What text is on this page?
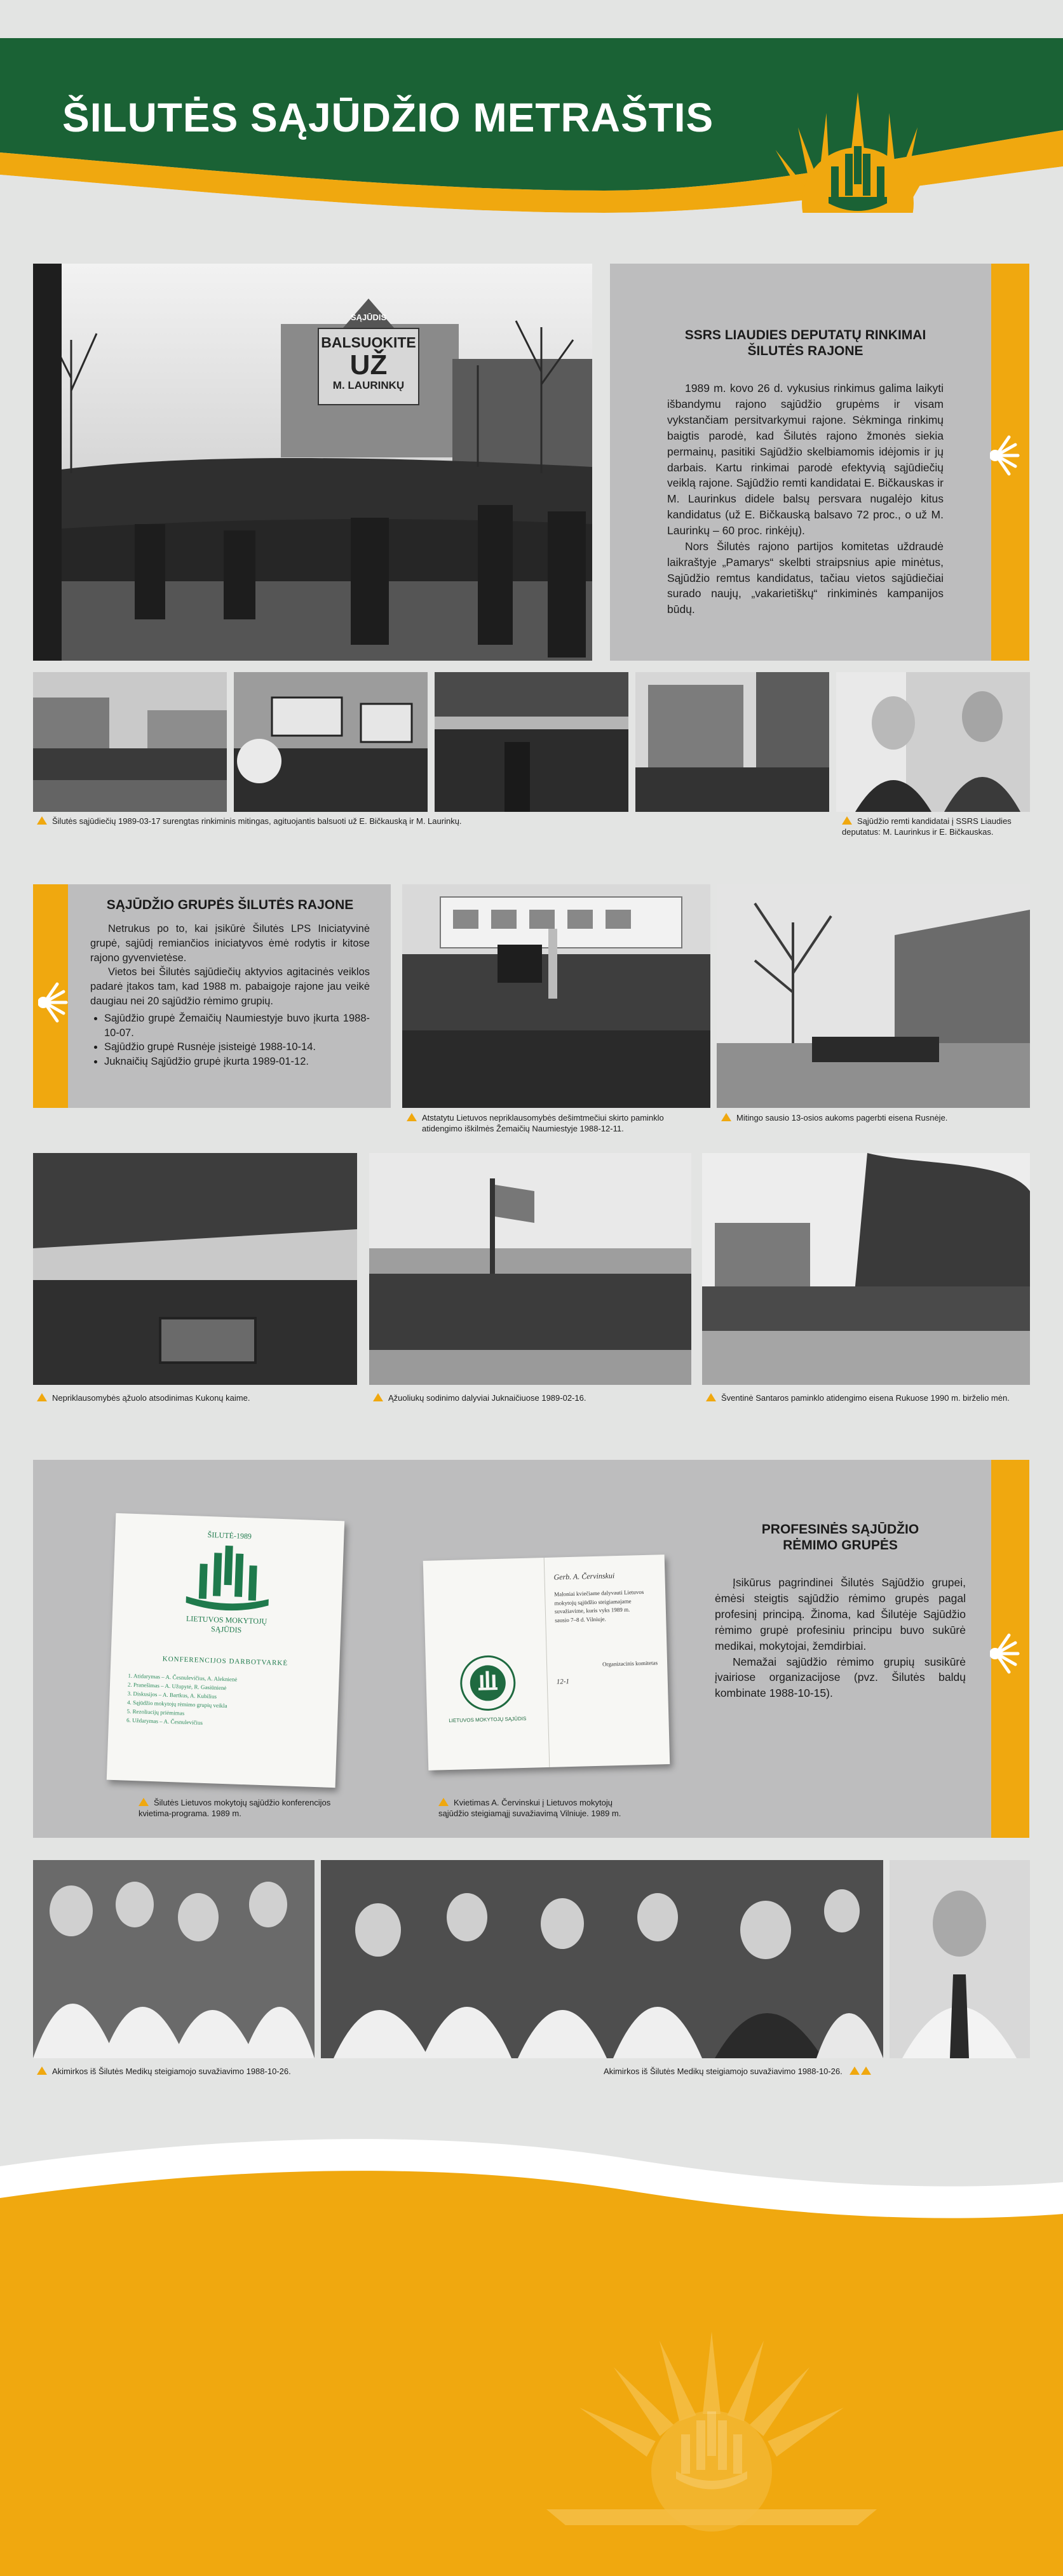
ŠILUTĖS SĄJŪDŽIO METRAŠTIS
SĄJŪDIS
BALSUOKITE
UŽ
M. LAURINKŲ

SSRS LIAUDIES DEPUTATŲ RINKIMAI

ŠILUTĖS RAJONE

1989 m. kovo 26 d. vykusius rinkimus galima laikyti išbandymu rajono sąjūdžio grupėms ir visam vykstančiam persitvarkymui rajone. Sėkminga rinkimų baigtis parodė, kad Šilutės rajono žmonės siekia permainų, pasitiki Sąjūdžio skelbiamomis idėjomis ir jų darbais. Kartu rinkimai parodė efektyvią sąjūdiečių veiklą rajone. Sąjūdžio remti kandidatai E. Bičkauskas ir M. Laurinkus didele balsų persvara nugalėjo kitus kandidatus (už E. Bičkauską balsavo 72 proc., o už M. Laurinkų – 60 proc. rinkėjų).

Nors Šilutės rajono partijos komitetas uždraudė laikraštyje „Pamarys“ skelbti straipsnius apie minėtus, Sąjūdžio remtus kandidatus, tačiau vietos sąjūdiečiai surado naujų, „vakarietiškų“ rinkiminės kampanijos būdų.

Šilutės sąjūdiečių 1989-03-17 surengtas rinkiminis mitingas, agituojantis balsuoti už E. Bičkauską ir M. Laurinkų.	Sąjūdžio remti kandidatai į SSRS Liaudies
deputatus: M. Laurinkus ir E. Bičkauskas.

SĄJŪDŽIO GRUPĖS ŠILUTĖS RAJONE

Netrukus po to, kai įsikūrė Šilutės LPS Iniciatyvinė grupė, sąjūdį remiančios iniciatyvos ėmė rodytis ir kitose rajono gyvenvietėse.

Vietos bei Šilutės sąjūdiečių aktyvios agitacinės veiklos padarė įtakos tam, kad 1988 m. pabaigoje rajone jau veikė daugiau nei 20 sąjūdžio rėmimo grupių.

• Sąjūdžio grupė Žemaičių Naumiestyje buvo įkurta 1988-10-07.
• Sąjūdžio grupė Rusnėje įsisteigė 1988-10-14.
• Juknaičių Sąjūdžio grupė įkurta 1989-01-12.
Atstatytu Lietuvos nepriklausomybės dešimtmečiui skirto paminklo
atidengimo iškilmės Žemaičių Naumiestyje 1988-12-11.
Mitingo sausio 13-osios aukoms pagerbti eisena Rusnėje.
Nepriklausomybės ąžuolo atsodinimas Kukonų kaime.	Ąžuoliukų sodinimo dalyviai Juknaičiuose 1989-02-16.	Šventinė Santaros paminklo atidengimo eisena Rukuose 1990 m. birželio mėn.
ŠILUTĖ-1989
LIETUVOS MOKYTOJŲ
SĄJŪDIS
KONFERENCIJOS DARBOTVARKĖ
1. Atidarymas – A. Česnulevičius, A. Aleknienė
2. Pranešimas – A. Užupytė, R. Gasiūnienė
3. Diskusijos – A. Bartkus, A. Kubilius
4. Sąjūdžio mokytojų rėmimo grupių veikla
5. Rezoliucijų priėmimas
6. Uždarymas – A. Česnulevičius	LIETUVOS MOKYTOJŲ SĄJŪDIS
Gerb. A. Červinskui
Maloniai kviečiame dalyvauti Lietuvos
mokytojų sąjūdžio steigiamajame
suvažiavime, kuris vyks 1989 m.
sausio 7–8 d. Vilniuje.
Organizacinis komitetas
12-1

PROFESINĖS SĄJŪDŽIO

RĖMIMO GRUPĖS

Įsikūrus pagrindinei Šilutės Sąjūdžio grupei, ėmėsi steigtis sąjūdžio rėmimo grupės pagal profesinį principą. Žinoma, kad Šilutėje Sąjūdžio rėmimo grupė profesiniu principu buvo sukūrė medikai, mokytojai, žemdirbiai.

Nemažai sąjūdžio rėmimo grupių susikūrė įvairiose organizacijose (pvz. Šilutės baldų kombinate 1988-10-15).

Šilutės Lietuvos mokytojų sąjūdžio konferencijos
kvietima-programa. 1989 m.
Kvietimas A. Červinskui į Lietuvos mokytojų
sąjūdžio steigiamąjį suvažiavimą Vilniuje. 1989 m.
Akimirkos iš Šilutės Medikų steigiamojo suvažiavimo 1988-10-26.	Akimirkos iš Šilutės Medikų steigiamojo suvažiavimo 1988-10-26.
